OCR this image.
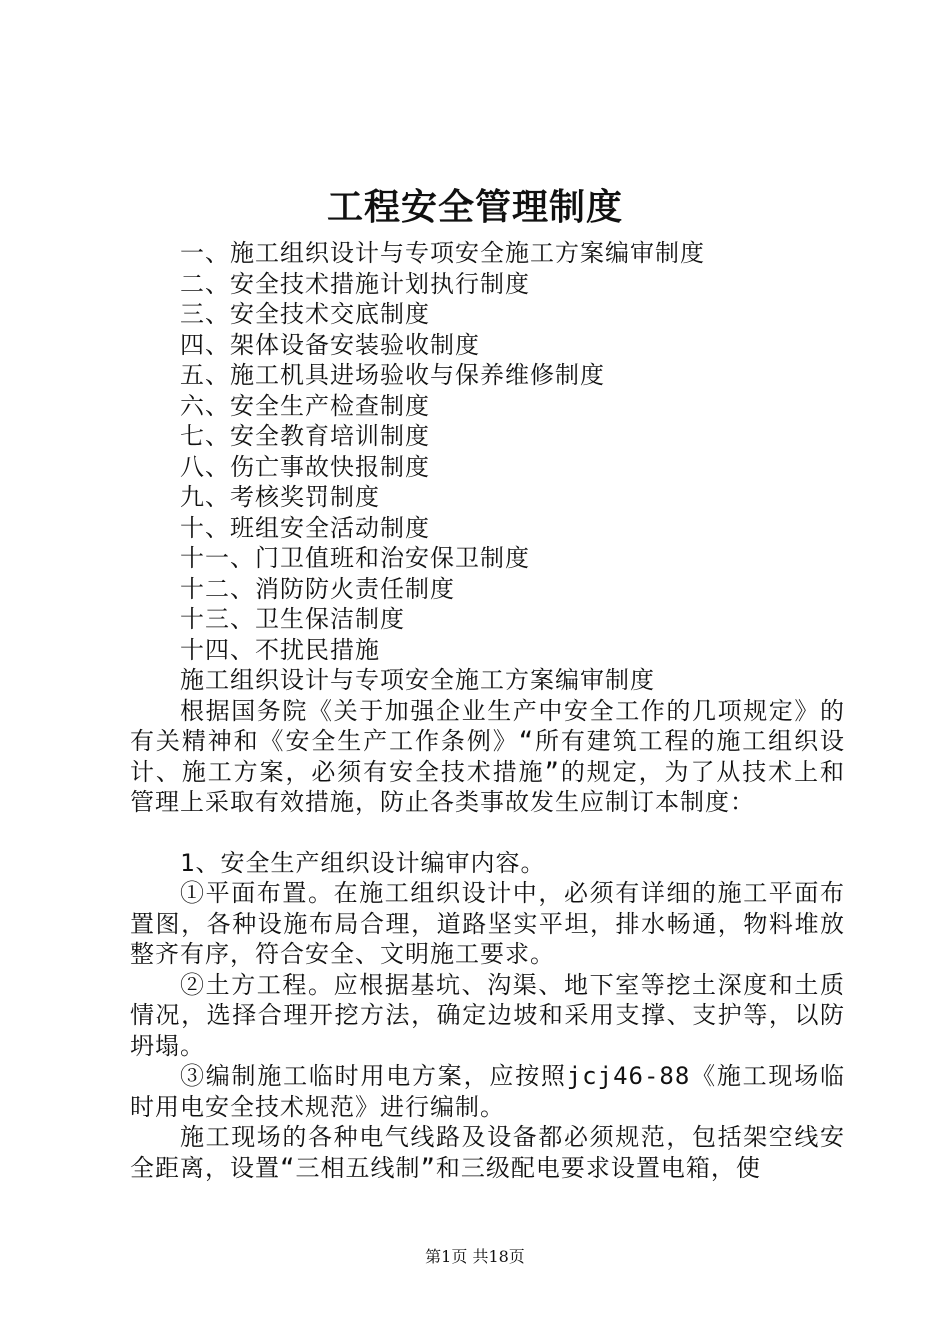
工程安全管理制度
一、施工组织设计与专项安全施工方案编审制度
二、安全技术措施计划执行制度
三、安全技术交底制度
四、架体设备安装验收制度
五、施工机具进场验收与保养维修制度
六、安全生产检查制度
七、安全教育培训制度
八、伤亡事故快报制度
九、考核奖罚制度
十、班组安全活动制度
十一、门卫值班和治安保卫制度
十二、消防防火责任制度
十三、卫生保洁制度
十四、不扰民措施

施工组织设计与专项安全施工方案编审制度

根据国务院《关于加强企业生产中安全工作的几项规定》的有关精神和《安全生产工作条例》“所有建筑工程的施工组织设计、施工方案，必须有安全技术措施”的规定，为了从技术上和管理上采取有效措施，防止各类事故发生应制订本制度：

1、安全生产组织设计编审内容。

①平面布置。在施工组织设计中，必须有详细的施工平面布置图，各种设施布局合理，道路坚实平坦，排水畅通，物料堆放整齐有序，符合安全、文明施工要求。

②土方工程。应根据基坑、沟渠、地下室等挖土深度和土质情况，选择合理开挖方法，确定边坡和采用支撑、支护等，以防坍塌。

③编制施工临时用电方案，应按照jcj46-88《施工现场临时用电安全技术规范》进行编制。

施工现场的各种电气线路及设备都必须规范，包括架空线安全距离，设置“三相五线制”和三级配电要求设置电箱，使

第1页 共18页
